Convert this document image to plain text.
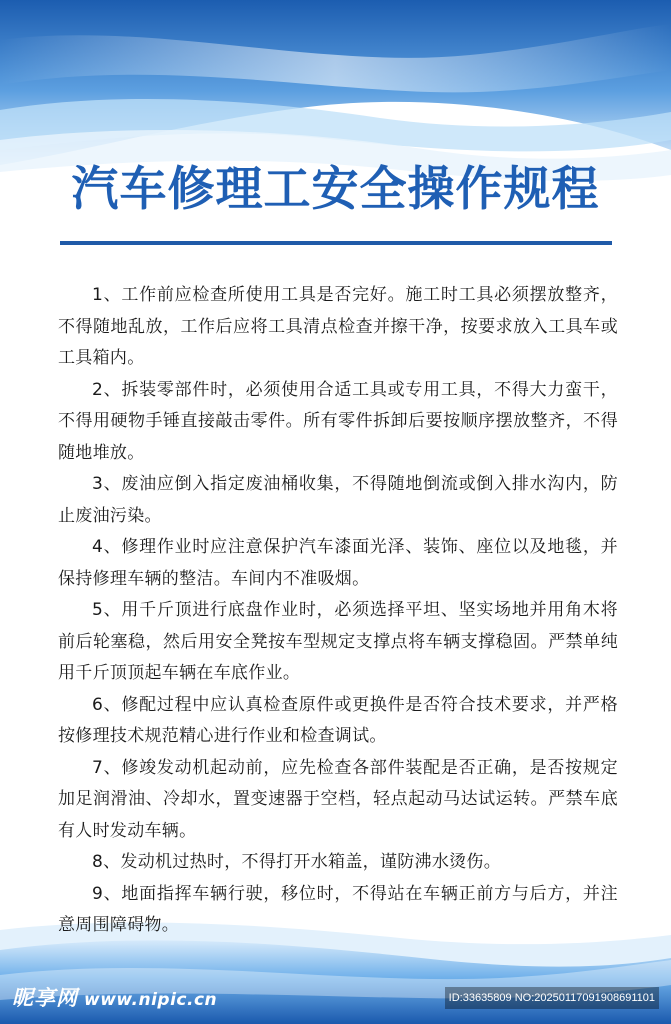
汽车修理工安全操作规程

1、工作前应检查所使用工具是否完好。施工时工具必须摆放整齐，不得随地乱放，工作后应将工具清点检查并擦干净，按要求放入工具车或工具箱内。

2、拆装零部件时，必须使用合适工具或专用工具，不得大力蛮干，不得用硬物手锤直接敲击零件。所有零件拆卸后要按顺序摆放整齐，不得随地堆放。

3、废油应倒入指定废油桶收集，不得随地倒流或倒入排水沟内，防止废油污染。

4、修理作业时应注意保护汽车漆面光泽、装饰、座位以及地毯，并保持修理车辆的整洁。车间内不准吸烟。

5、用千斤顶进行底盘作业时，必须选择平坦、坚实场地并用角木将前后轮塞稳，然后用安全凳按车型规定支撑点将车辆支撑稳固。严禁单纯用千斤顶顶起车辆在车底作业。

6、修配过程中应认真检查原件或更换件是否符合技术要求，并严格按修理技术规范精心进行作业和检查调试。

7、修竣发动机起动前，应先检查各部件装配是否正确，是否按规定加足润滑油、冷却水，置变速器于空档，轻点起动马达试运转。严禁车底有人时发动车辆。

8、发动机过热时，不得打开水箱盖，谨防沸水烫伤。

9、地面指挥车辆行驶，移位时，不得站在车辆正前方与后方，并注意周围障碍物。

昵享网 www.nipic.cn	ID:33635809 NO:20250117091908691101
